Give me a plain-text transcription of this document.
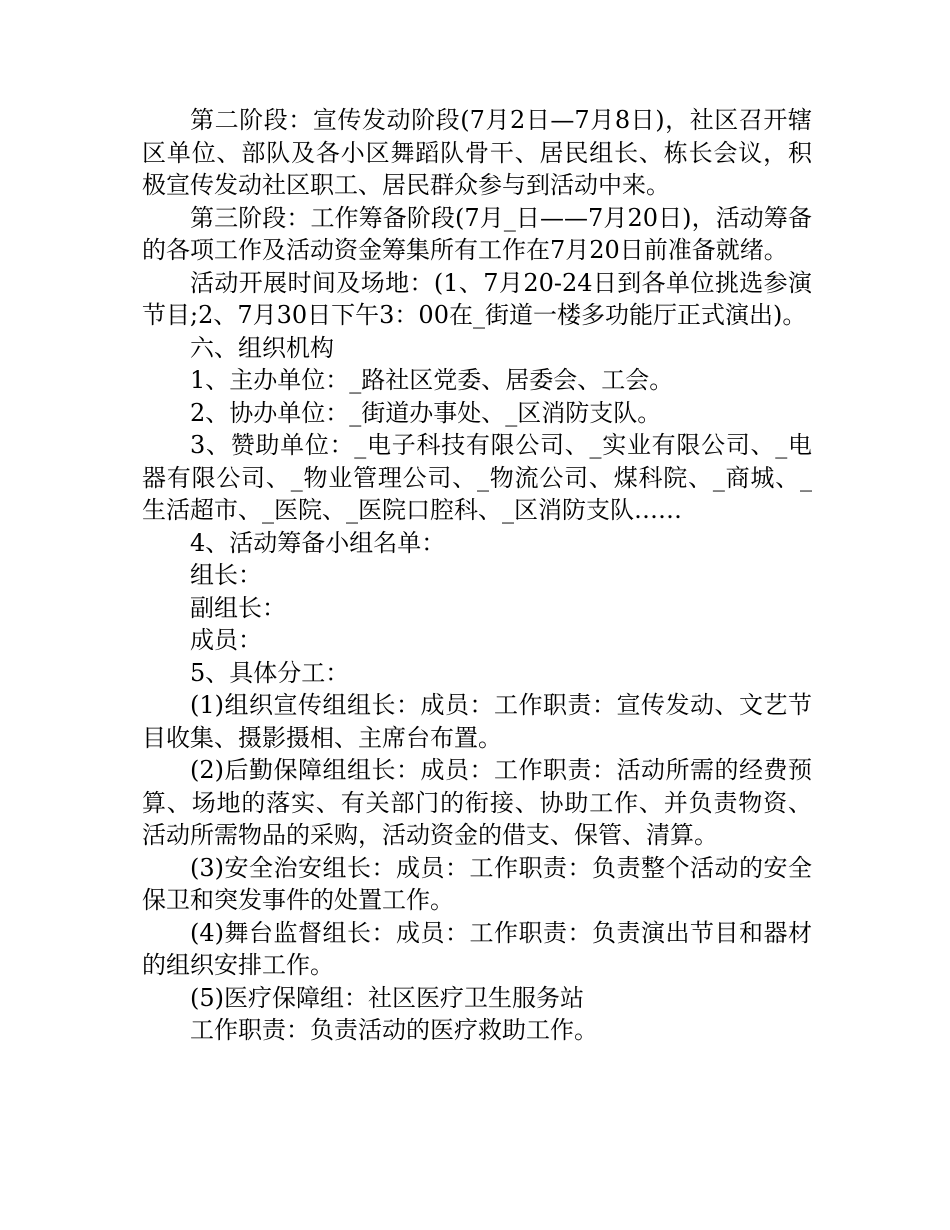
第二阶段：宣传发动阶段(7月2日—7月8日)，社区召开辖区单位、部队及各小区舞蹈队骨干、居民组长、栋长会议，积极宣传发动社区职工、居民群众参与到活动中来。

第三阶段：工作筹备阶段(7月_日——7月20日)，活动筹备的各项工作及活动资金筹集所有工作在7月20日前准备就绪。

活动开展时间及场地：(1、7月20-24日到各单位挑选参演节目;2、7月30日下午3：00在_街道一楼多功能厅正式演出)。

六、组织机构

1、主办单位：_路社区党委、居委会、工会。

2、协办单位：_街道办事处、_区消防支队。

3、赞助单位：_电子科技有限公司、_实业有限公司、_电器有限公司、_物业管理公司、_物流公司、煤科院、_商城、_生活超市、_医院、_医院口腔科、_区消防支队……

4、活动筹备小组名单：

组长：

副组长：

成员：

5、具体分工：

(1)组织宣传组组长：成员：工作职责：宣传发动、文艺节目收集、摄影摄相、主席台布置。

(2)后勤保障组组长：成员：工作职责：活动所需的经费预算、场地的落实、有关部门的衔接、协助工作、并负责物资、活动所需物品的采购，活动资金的借支、保管、清算。

(3)安全治安组长：成员：工作职责：负责整个活动的安全保卫和突发事件的处置工作。

(4)舞台监督组长：成员：工作职责：负责演出节目和器材的组织安排工作。

(5)医疗保障组：社区医疗卫生服务站

工作职责：负责活动的医疗救助工作。
